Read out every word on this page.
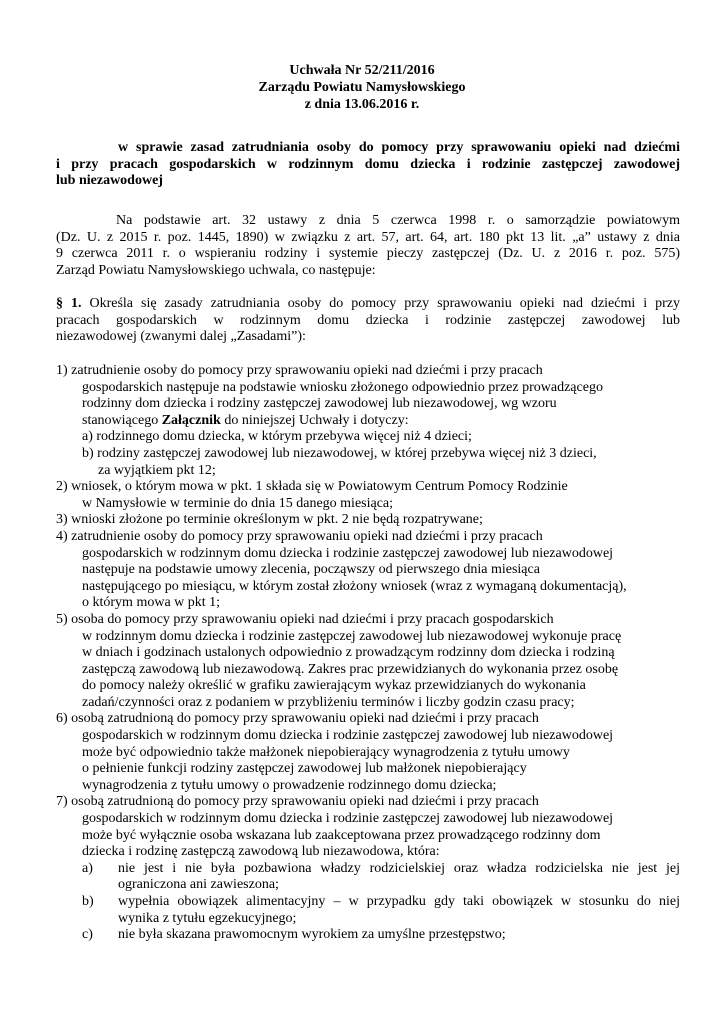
Uchwała Nr 52/211/2016
Zarządu Powiatu Namysłowskiego
z dnia 13.06.2016 r.
w sprawie zasad zatrudniania osoby do pomocy przy sprawowaniu opieki nad dziećmi
i przy pracach gospodarskich w rodzinnym domu dziecka i rodzinie zastępczej zawodowej
lub niezawodowej
Na podstawie art. 32 ustawy z dnia 5 czerwca 1998 r. o samorządzie powiatowym
(Dz. U. z 2015 r. poz. 1445, 1890) w związku z art. 57, art. 64, art. 180 pkt 13 lit. „a” ustawy z dnia
9 czerwca 2011 r. o wspieraniu rodziny i systemie pieczy zastępczej (Dz. U. z 2016 r. poz. 575)
Zarząd Powiatu Namysłowskiego uchwala, co następuje:
§ 1. Określa się zasady zatrudniania osoby do pomocy przy sprawowaniu opieki nad dziećmi i przy
pracach gospodarskich w rodzinnym domu dziecka i rodzinie zastępczej zawodowej lub
niezawodowej (zwanymi dalej „Zasadami”):
1) zatrudnienie osoby do pomocy przy sprawowaniu opieki nad dziećmi i przy pracach
gospodarskich następuje na podstawie wniosku złożonego odpowiednio przez prowadzącego
rodzinny dom dziecka i rodziny zastępczej zawodowej lub niezawodowej, wg wzoru
stanowiącego Załącznik do niniejszej Uchwały i dotyczy:
a) rodzinnego domu dziecka, w którym przebywa więcej niż 4 dzieci;
b) rodziny zastępczej zawodowej lub niezawodowej, w której przebywa więcej niż 3 dzieci,
za wyjątkiem pkt 12;
2) wniosek, o którym mowa w pkt. 1 składa się w Powiatowym Centrum Pomocy Rodzinie
w Namysłowie w terminie do dnia 15 danego miesiąca;
3) wnioski złożone po terminie określonym w pkt. 2 nie będą rozpatrywane;
4) zatrudnienie osoby do pomocy przy sprawowaniu opieki nad dziećmi i przy pracach
gospodarskich w rodzinnym domu dziecka i rodzinie zastępczej zawodowej lub niezawodowej
następuje na podstawie umowy zlecenia, począwszy od pierwszego dnia miesiąca
następującego po miesiącu, w którym został złożony wniosek (wraz z wymaganą dokumentacją),
o którym mowa w pkt 1;
5) osoba do pomocy przy sprawowaniu opieki nad dziećmi i przy pracach gospodarskich
w rodzinnym domu dziecka i rodzinie zastępczej zawodowej lub niezawodowej wykonuje pracę
w dniach i godzinach ustalonych odpowiednio z prowadzącym rodzinny dom dziecka i rodziną
zastępczą zawodową lub niezawodową. Zakres prac przewidzianych do wykonania przez osobę
do pomocy należy określić w grafiku zawierającym wykaz przewidzianych do wykonania
zadań/czynności oraz z podaniem w przybliżeniu terminów i liczby godzin czasu pracy;
6) osobą zatrudnioną do pomocy przy sprawowaniu opieki nad dziećmi i przy pracach
gospodarskich w rodzinnym domu dziecka i rodzinie zastępczej zawodowej lub niezawodowej
może być odpowiednio także małżonek niepobierający wynagrodzenia z tytułu umowy
o pełnienie funkcji rodziny zastępczej zawodowej lub małżonek niepobierający
wynagrodzenia z tytułu umowy o prowadzenie rodzinnego domu dziecka;
7) osobą zatrudnioną do pomocy przy sprawowaniu opieki nad dziećmi i przy pracach
gospodarskich w rodzinnym domu dziecka i rodzinie zastępczej zawodowej lub niezawodowej
może być wyłącznie osoba wskazana lub zaakceptowana przez prowadzącego rodzinny dom
dziecka i rodzinę zastępczą zawodową lub niezawodowa, która:
a)	nie jest i nie była pozbawiona władzy rodzicielskiej oraz władza rodzicielska nie jest jej
ograniczona ani zawieszona;
b)	wypełnia obowiązek alimentacyjny – w przypadku gdy taki obowiązek w stosunku do niej
wynika z tytułu egzekucyjnego;
c)	nie była skazana prawomocnym wyrokiem za umyślne przestępstwo;
